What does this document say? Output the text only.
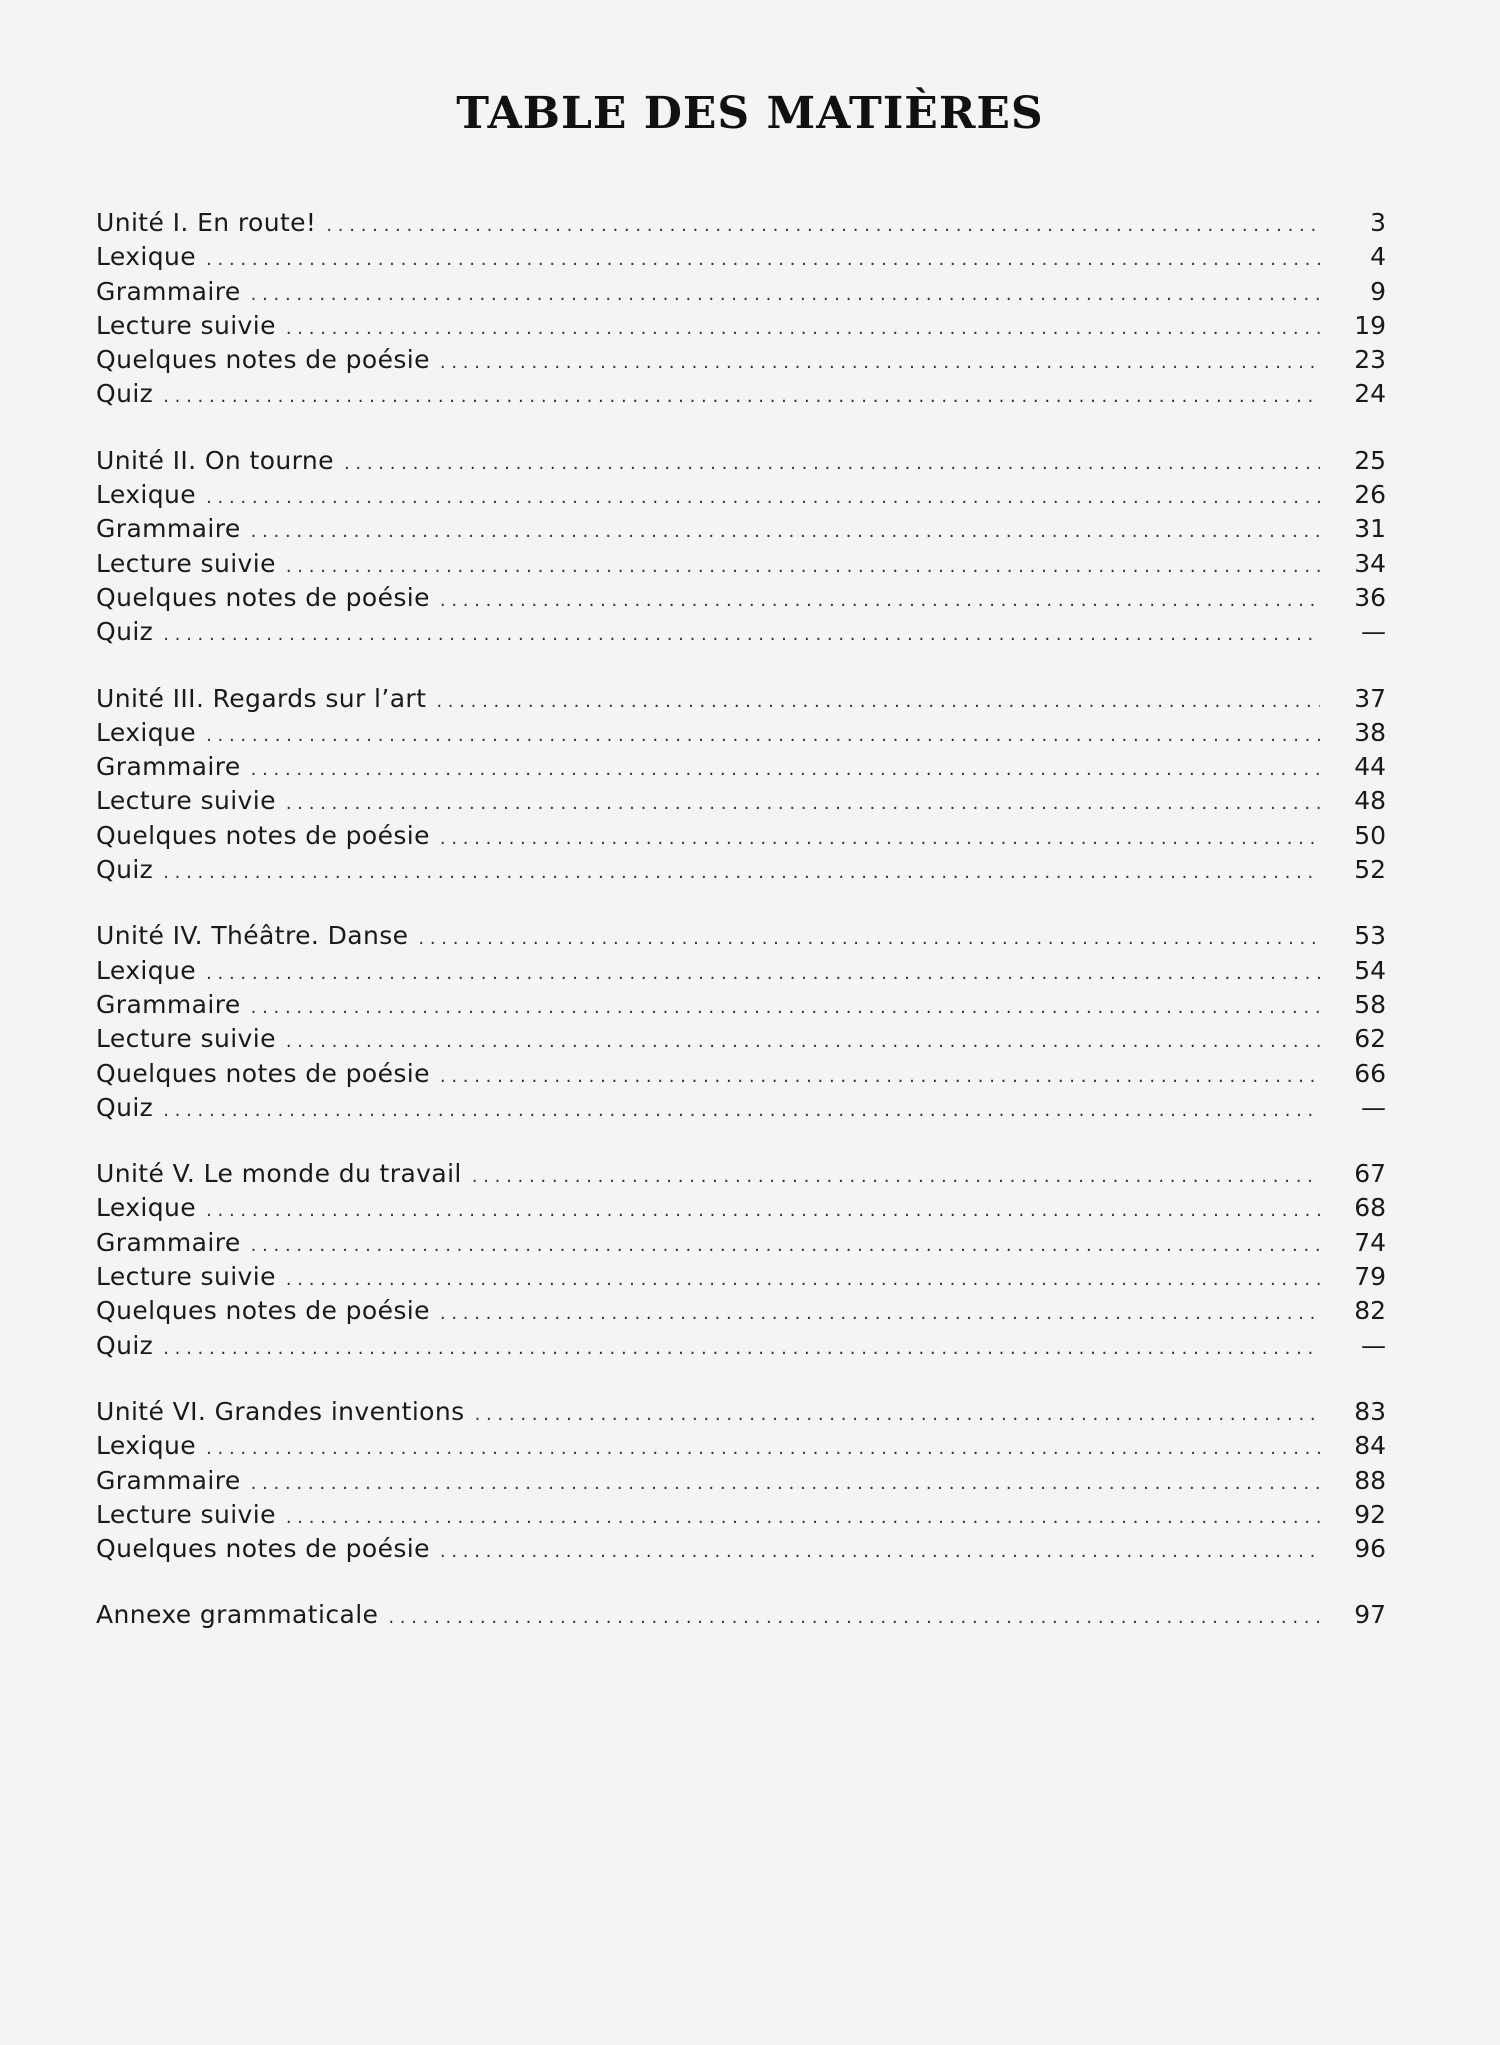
TABLE DES MATIÈRES
Unité I. En route! . . .	3
Lexique . . .	4
Grammaire . . .	9
Lecture suivie . . .	19
Quelques notes de poésie . . .	23
Quiz . . .	24
Unité II. On tourne . . .	25
Lexique . . .	26
Grammaire . . .	31
Lecture suivie . . .	34
Quelques notes de poésie . . .	36
Quiz . . .	—
Unité III. Regards sur l’art . . .	37
Lexique . . .	38
Grammaire . . .	44
Lecture suivie . . .	48
Quelques notes de poésie . . .	50
Quiz . . .	52
Unité IV. Théâtre. Danse . . .	53
Lexique . . .	54
Grammaire . . .	58
Lecture suivie . . .	62
Quelques notes de poésie . . .	66
Quiz . . .	—
Unité V. Le monde du travail . . .	67
Lexique . . .	68
Grammaire . . .	74
Lecture suivie . . .	79
Quelques notes de poésie . . .	82
Quiz . . .	—
Unité VI. Grandes inventions . . .	83
Lexique . . .	84
Grammaire . . .	88
Lecture suivie . . .	92
Quelques notes de poésie . . .	96
Annexe grammaticale . . .	97
